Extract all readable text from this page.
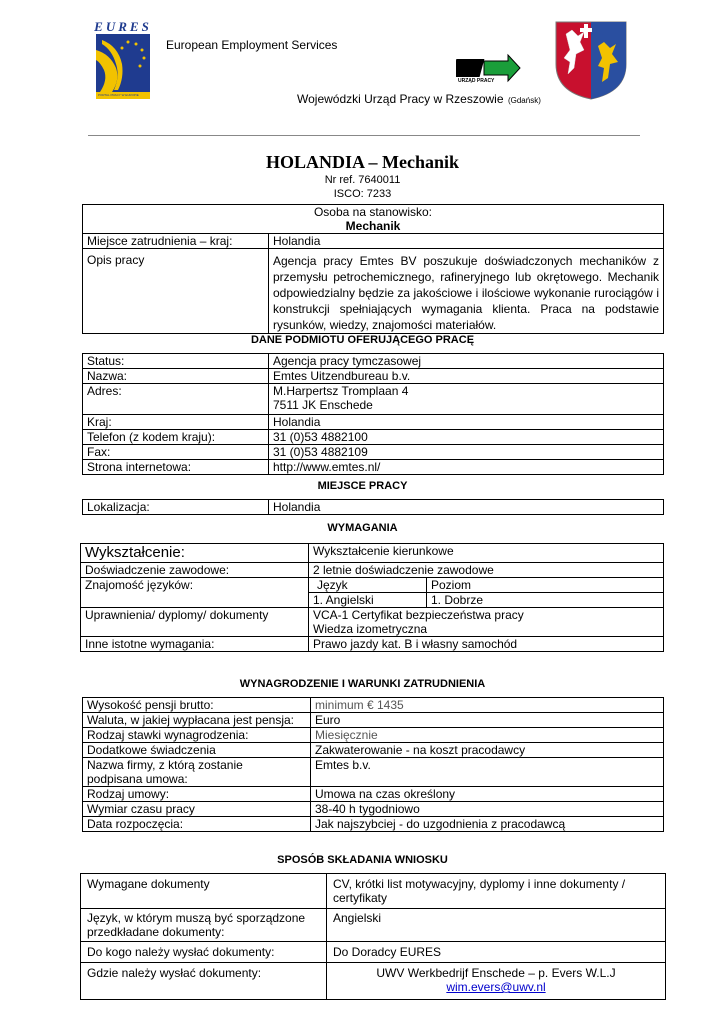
EURES
PORTAL PRACY W EUROPIE
European Employment Services
URZĄD PRACY
Wojewódzki Urząd Pracy w Rzeszowie (Gdańsk)
HOLANDIA – Mechanik
Nr ref. 7640011
ISCO: 7233
Osoba na stanowisko:
Mechanik	

Miejsce zatrudnienia – kraj:	Holandia
Opis pracy	Agencja pracy Emtes BV poszukuje doświadczonych mechaników z przemysłu petrochemicznego, rafineryjnego lub okrętowego. Mechanik odpowiedzialny będzie za jakościowe i ilościowe wykonanie rurociągów i konstrukcji spełniających wymagania klienta. Praca na podstawie rysunków, wiedzy, znajomości materiałów.
DANE PODMIOTU OFERUJĄCEGO PRACĘ
Status:	Agencja pracy tymczasowej
Nazwa:	Emtes Uitzendbureau b.v.
Adres:	M.Harpertsz Tromplaan 4
7511 JK Enschede

Kraj:	Holandia
Telefon (z kodem kraju):	31 (0)53 4882100
Fax:	31 (0)53 4882109
Strona internetowa:	http://www.emtes.nl/
MIEJSCE PRACY
Lokalizacja:	Holandia
WYMAGANIA
Wykształcenie:	Wykształcenie kierunkowe	
Doświadczenie zawodowe:	2 letnie doświadczenie zawodowe	
Znajomość języków:	Język	Poziom
	1. Angielski	1. Dobrze
Uprawnienia/ dyplomy/ dokumenty	VCA-1 Certyfikat bezpieczeństwa pracy
Wiedza izometryczna	

Inne istotne wymagania:	Prawo jazdy kat. B i własny samochód	
WYNAGRODZENIE I WARUNKI ZATRUDNIENIA
Wysokość pensji brutto:	minimum € 1435
Waluta, w jakiej wypłacana jest pensja:	Euro
Rodzaj stawki wynagrodzenia:	Miesięcznie
Dodatkowe świadczenia	Zakwaterowanie - na koszt pracodawcy

Nazwa firmy, z którą zostanie
podpisana umowa:	Emtes b.v.
Rodzaj umowy:	Umowa na czas określony
Wymiar czasu pracy	38-40 h tygodniowo
Data rozpoczęcia:	Jak najszybciej - do uzgodnienia z pracodawcą
SPOSÓB SKŁADANIA WNIOSKU
Wymagane dokumenty	CV, krótki list motywacyjny, dyplomy i inne dokumenty /
certyfikaty

Język, w którym muszą być sporządzone
przedkładane dokumenty:	Angielski
Do kogo należy wysłać dokumenty:	Do Doradcy EURES
Gdzie należy wysłać dokumenty:	UWV Werkbedrijf Enschede – p. Evers W.L.J
wim.evers@uwv.nl
